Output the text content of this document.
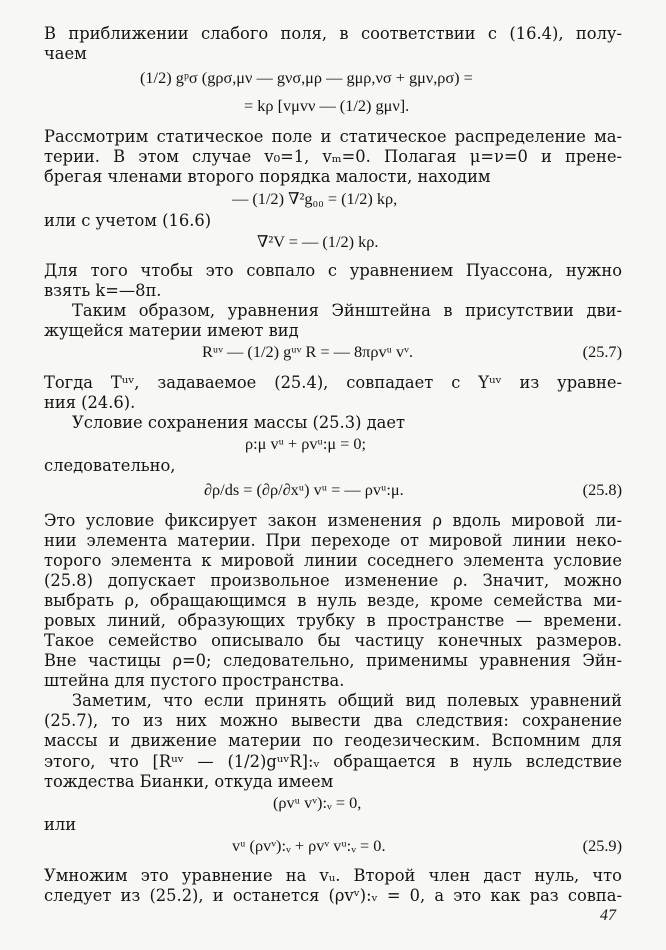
В приближении слабого поля, в соответствии с (16.4), полу-
чаем
(1/2) gᵖσ (gρσ,μν — gνσ,μρ — gμρ,νσ + gμν,ρσ) =
= kρ [vμvν — (1/2) gμν].
Рассмотрим статическое поле и статическое распределение ма-
терии. В этом случае v₀=1, vₘ=0. Полагая μ=ν=0 и пренe-
брегая членами второго порядка малости, находим
— (1/2) ∇²g₀₀ = (1/2) kρ,
или с учетом (16.6)
∇²V = — (1/2) kρ.
Для того чтобы это совпало с уравнением Пуассона, нужно
взять k=—8π.
Таким образом, уравнения Эйнштейна в присутствии дви-
жущейся материи имеют вид
Rᵘᵛ — (1/2) gᵘᵛ R = — 8πρvᵘ vᵛ.	(25.7)
Тогда Tᵘᵛ, задаваемое (25.4), совпадает с Yᵘᵛ из уравне-
ния (24.6).
Условие сохранения массы (25.3) дает
ρ:μ vᵘ + ρvᵘ:μ = 0;
следовательно,
∂ρ/ds = (∂ρ/∂xᵘ) vᵘ = — ρvᵘ:μ.	(25.8)
Это условие фиксирует закон изменения ρ вдоль мировой ли-
нии элемента материи. При переходе от мировой линии неко-
торого элемента к мировой линии соседнего элемента условие
(25.8) допускает произвольное изменение ρ. Значит, можно
выбрать ρ, обращающимся в нуль везде, кроме семейства ми-
ровых линий, образующих трубку в пространстве — времени.
Такое семейство описывало бы частицу конечных размеров.
Вне частицы ρ=0; следовательно, применимы уравнения Эйн-
штейна для пустого пространства.
Заметим, что если принять общий вид полевых уравнений
(25.7), то из них можно вывести два следствия: сохранение
массы и движение материи по геодезическим. Вспомним для
этого, что [Rᵘᵛ — (1/2)gᵘᵛR]:ᵥ обращается в нуль вследствие
тождества Бианки, откуда имеем
(ρvᵘ vᵛ):ᵥ = 0,
или
vᵘ (ρvᵛ):ᵥ + ρvᵛ vᵘ:ᵥ = 0.	(25.9)
Умножим это уравнение на vᵤ. Второй член даст нуль, что
следует из (25.2), и останется (ρvᵛ):ᵥ = 0, а это как раз совпа-
47
